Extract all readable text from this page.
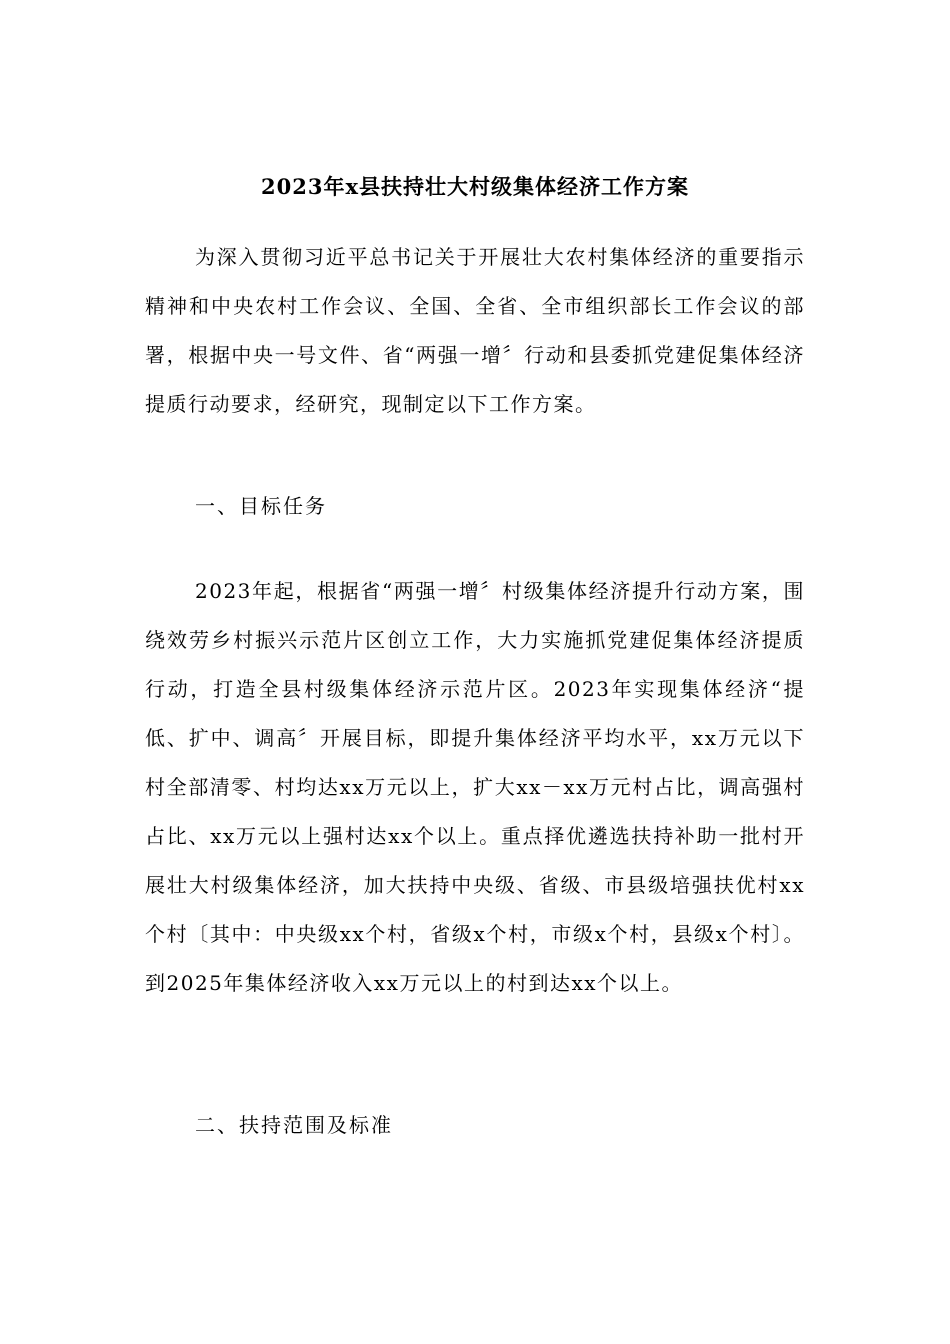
2023年x县扶持壮大村级集体经济工作方案

为深入贯彻习近平总书记关于开展壮大农村集体经济的重要指示精神和中央农村工作会议、全国、全省、全市组织部长工作会议的部署，根据中央一号文件、省“两强一增〞行动和县委抓党建促集体经济提质行动要求，经研究，现制定以下工作方案。

一、目标任务

2023年起，根据省“两强一增〞村级集体经济提升行动方案，围绕效劳乡村振兴示范片区创立工作，大力实施抓党建促集体经济提质行动，打造全县村级集体经济示范片区。2023年实现集体经济“提低、扩中、调高〞开展目标，即提升集体经济平均水平，xx万元以下村全部清零、村均达xx万元以上，扩大xx－xx万元村占比，调高强村占比、xx万元以上强村达xx个以上。重点择优遴选扶持补助一批村开展壮大村级集体经济，加大扶持中央级、省级、市县级培强扶优村xx个村〔其中：中央级xx个村，省级x个村，市级x个村，县级x个村〕。到2025年集体经济收入xx万元以上的村到达xx个以上。

二、扶持范围及标准
